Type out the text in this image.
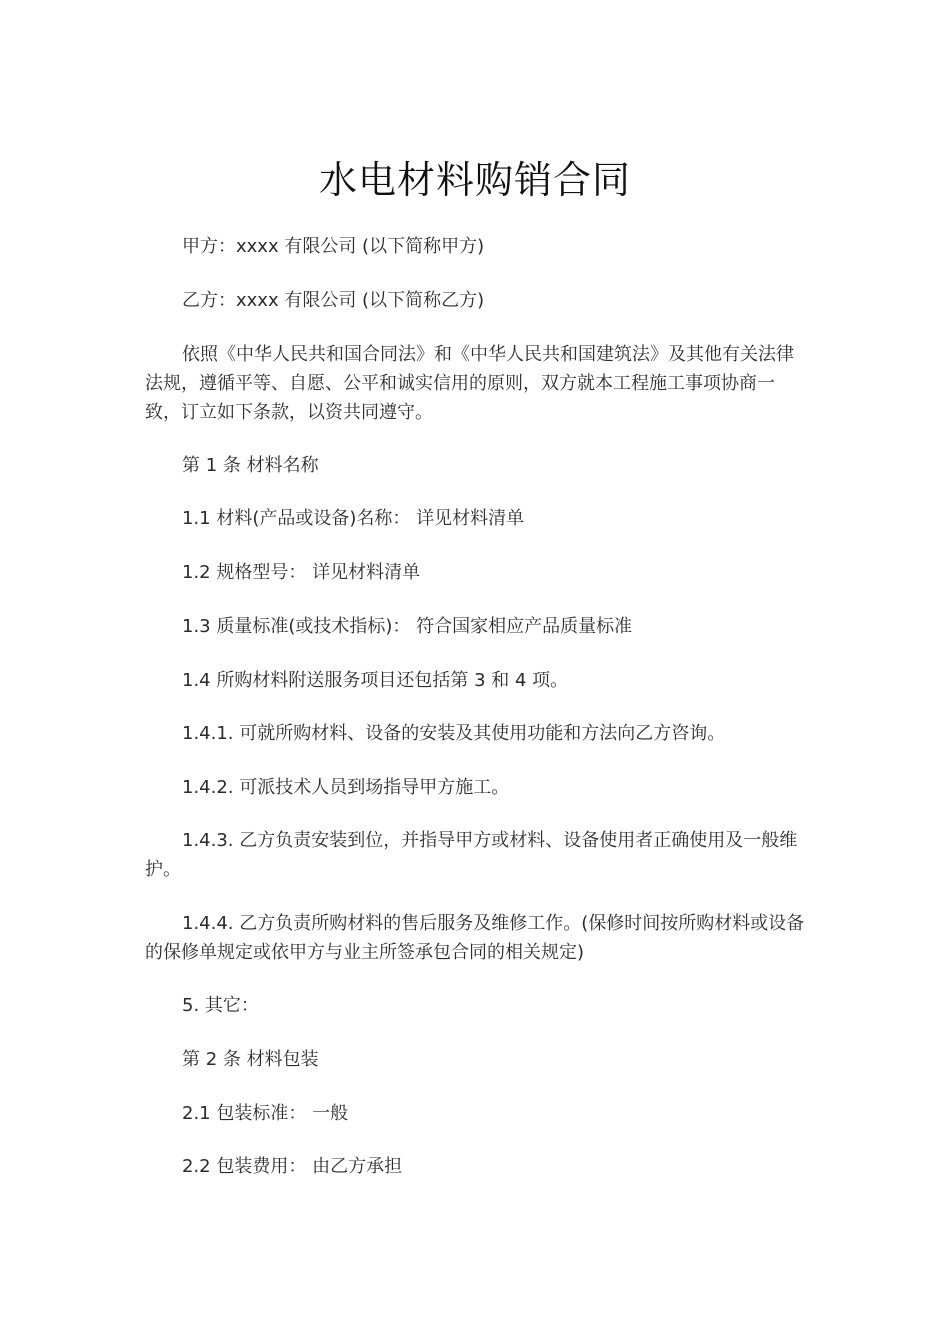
水电材料购销合同

甲方：xxxx 有限公司 (以下简称甲方)

乙方：xxxx 有限公司 (以下简称乙方)

依照《中华人民共和国合同法》和《中华人民共和国建筑法》及其他有关法律法规，遵循平等、自愿、公平和诚实信用的原则，双方就本工程施工事项协商一致，订立如下条款，以资共同遵守。

第 1 条 材料名称

1.1 材料(产品或设备)名称： 详见材料清单

1.2 规格型号： 详见材料清单

1.3 质量标准(或技术指标)： 符合国家相应产品质量标准

1.4 所购材料附送服务项目还包括第 3 和 4 项。

1.4.1. 可就所购材料、设备的安装及其使用功能和方法向乙方咨询。

1.4.2. 可派技术人员到场指导甲方施工。

1.4.3. 乙方负责安装到位，并指导甲方或材料、设备使用者正确使用及一般维护。

1.4.4. 乙方负责所购材料的售后服务及维修工作。(保修时间按所购材料或设备的保修单规定或依甲方与业主所签承包合同的相关规定)

5. 其它：

第 2 条 材料包装

2.1 包装标准： 一般

2.2 包装费用： 由乙方承担
